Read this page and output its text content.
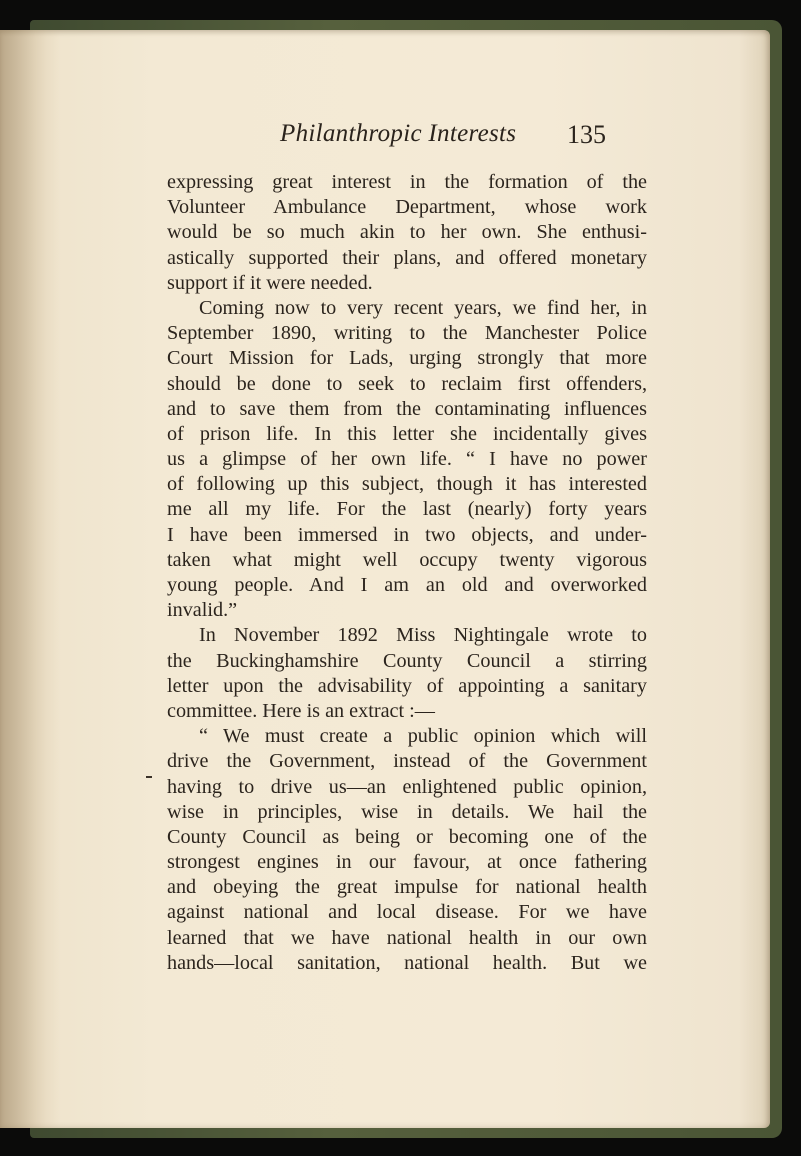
Philanthropic Interests 135
expressing great interest in the formation of the
Volunteer Ambulance Department, whose work
would be so much akin to her own. She enthusi-
astically supported their plans, and offered monetary
support if it were needed.
Coming now to very recent years, we find her, in
September 1890, writing to the Manchester Police
Court Mission for Lads, urging strongly that more
should be done to seek to reclaim first offenders,
and to save them from the contaminating influences
of prison life. In this letter she incidentally gives
us a glimpse of her own life. “ I have no power
of following up this subject, though it has interested
me all my life. For the last (nearly) forty years
I have been immersed in two objects, and under-
taken what might well occupy twenty vigorous
young people. And I am an old and overworked
invalid.”
In November 1892 Miss Nightingale wrote to
the Buckinghamshire County Council a stirring
letter upon the advisability of appointing a sanitary
committee. Here is an extract :—
“ We must create a public opinion which will
drive the Government, instead of the Government
having to drive us—an enlightened public opinion,
wise in principles, wise in details. We hail the
County Council as being or becoming one of the
strongest engines in our favour, at once fathering
and obeying the great impulse for national health
against national and local disease. For we have
learned that we have national health in our own
hands—local sanitation, national health. But we
